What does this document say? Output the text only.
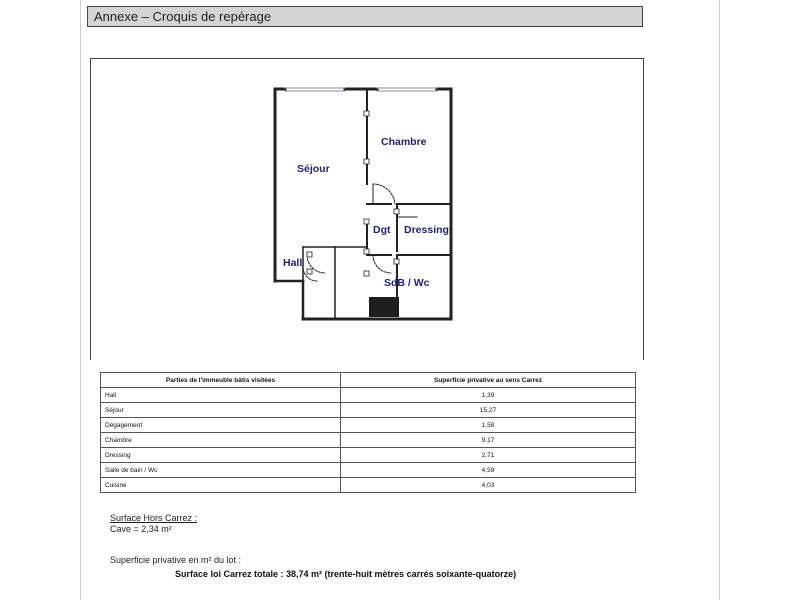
Annexe – Croquis de repérage
Séjour
Chambre
Dgt Dressing
Hall
SdB / Wc
Parties de l'immeuble bâtis visitées	Superficie privative au sens Carrez
Hall	1,39
Séjour	15,27
Dégagement	1,58
Chambre	9,17
Dressing	2,71
Salle de bain / Wc	4,59
Cuisine	4,03
Surface Hors Carrez :
Cave = 2,34 m²
Superficie privative en m² du lot :
Surface loi Carrez totale : 38,74 m² (trente-huit mètres carrés soixante-quatorze)
